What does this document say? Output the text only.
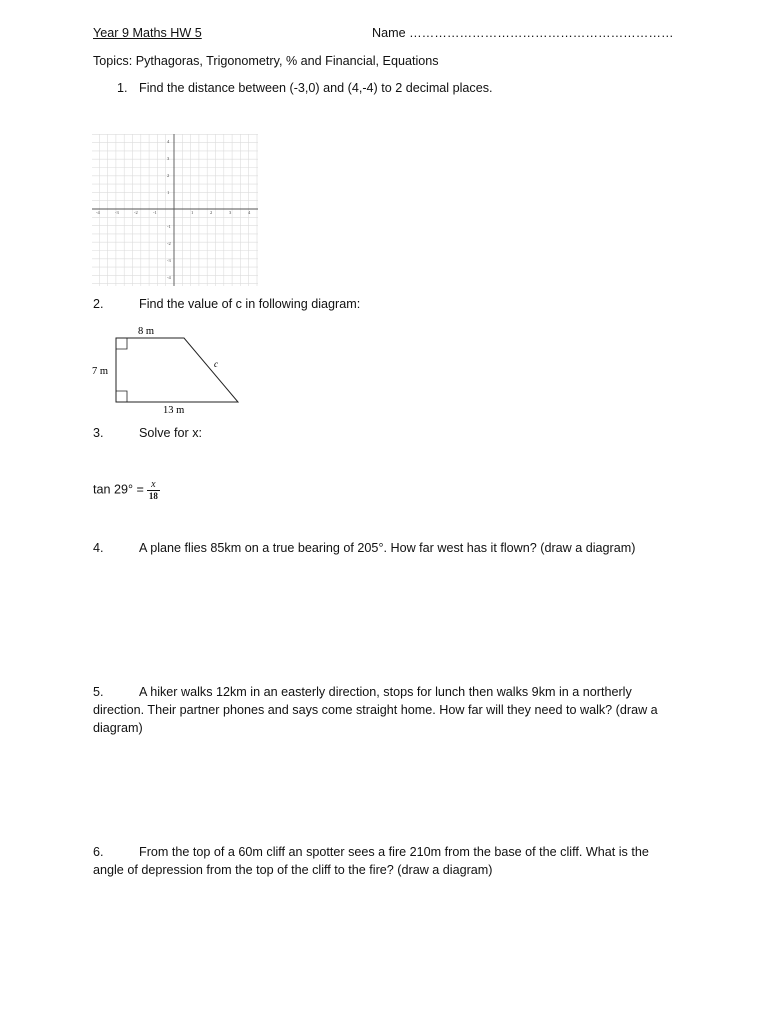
Year 9 Maths HW 5	Name ………………………………………………………
Topics: Pythagoras, Trigonometry, % and Financial, Equations
1. Find the distance between (-3,0) and (4,-4) to 2 decimal places.
-4	-3	-2	-1	1	2	3	4
4
3
2
1
-1
-2
-3
-4
2.	Find the value of c in following diagram:
8 m
7 m
13 m
c
3.	Solve for x:
$\tan 29^\circ = \frac{x}{18}$
4.	A plane flies 85km on a true bearing of 205°. How far west has it flown? (draw a diagram)
5.	A hiker walks 12km in an easterly direction, stops for lunch then walks 9km in a northerly direction. Their partner phones and says come straight home. How far will they need to walk? (draw a diagram)
6.	From the top of a 60m cliff an spotter sees a fire 210m from the base of the cliff. What is the angle of depression from the top of the cliff to the fire? (draw a diagram)
